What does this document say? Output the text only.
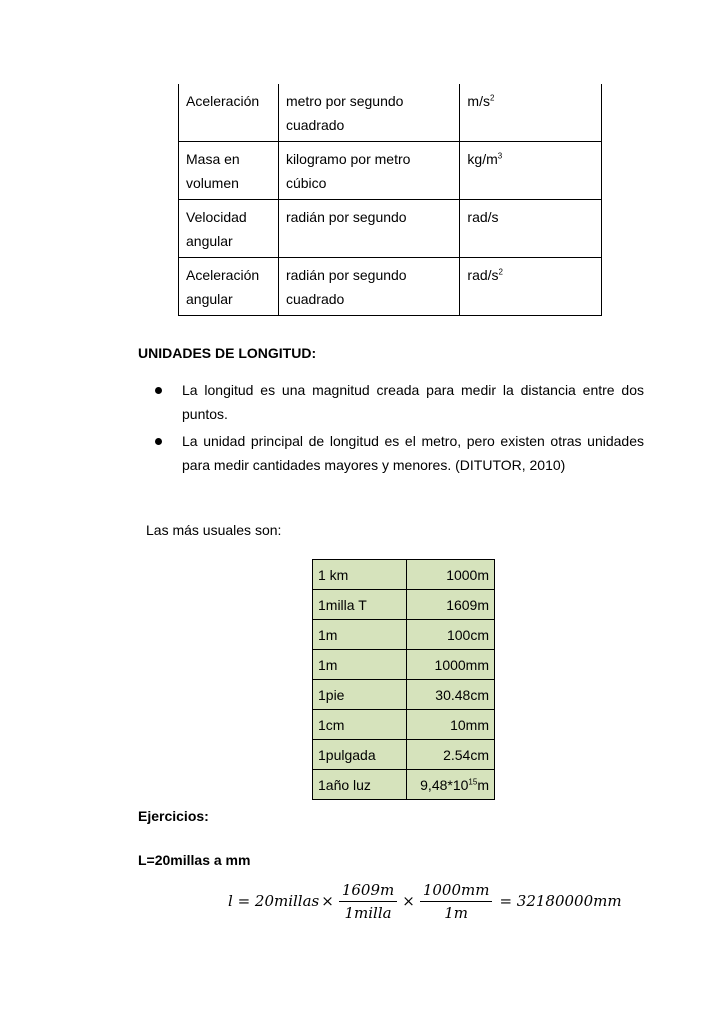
Aceleración	metro por segundo cuadrado	$m/s^2$
Masa en volumen	kilogramo por metro cúbico	$kg/m^3$
Velocidad angular	radián por segundo	rad/s
Aceleración angular	radián por segundo cuadrado	rad/$s^2$
UNIDADES DE LONGITUD:
La longitud es una magnitud creada para medir la distancia entre dos puntos.
La unidad principal de longitud es el metro, pero existen otras unidades para medir cantidades mayores y menores. (DITUTOR, 2010)
Las más usuales son:
1 km	1000m
1milla T	1609m
1m	100cm
1m	1000mm
1pie	30.48cm
1cm	10mm
1pulgada	2.54cm
1año luz	$9,48*10^{15}m$
Ejercicios:
L=20millas a mm
l = 20millas × $\frac{1609m}{\text{1milla}} \times \frac{1000mm}{1m} = 32180000mm$
